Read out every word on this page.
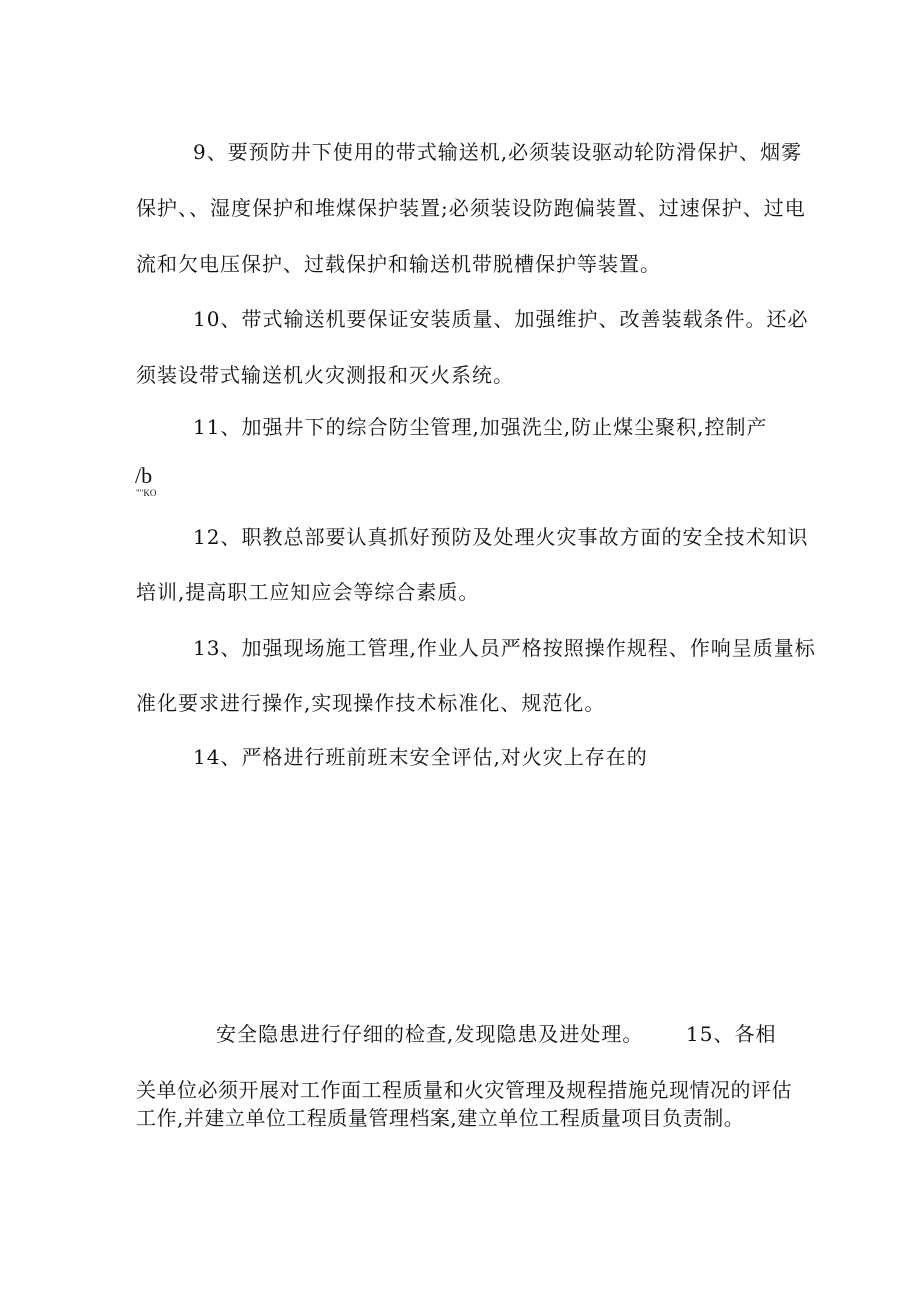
9、要预防井下使用的带式输送机,必须装设驱动轮防滑保护、烟雾
保护、、湿度保护和堆煤保护装置;必须装设防跑偏装置、过速保护、过电
流和欠电压保护、过载保护和输送机带脱槽保护等装置。
10、带式输送机要保证安装质量、加强维护、改善装载条件。还必
须装设带式输送机火灾测报和灭火系统。
11、加强井下的综合防尘管理,加强洗尘,防止煤尘聚积,控制产
/b
""KO
12、职教总部要认真抓好预防及处理火灾事故方面的安全技术知识
培训,提高职工应知应会等综合素质。
13、加强现场施工管理,作业人员严格按照操作规程、作响呈质量标
准化要求进行操作,实现操作技术标准化、规范化。
14、严格进行班前班末安全评估,对火灾上存在的
安全隐患进行仔细的检查,发现隐患及进处理。 15、各相
关单位必须开展对工作面工程质量和火灾管理及规程措施兑现情况的评估
工作,并建立单位工程质量管理档案,建立单位工程质量项目负责制。
